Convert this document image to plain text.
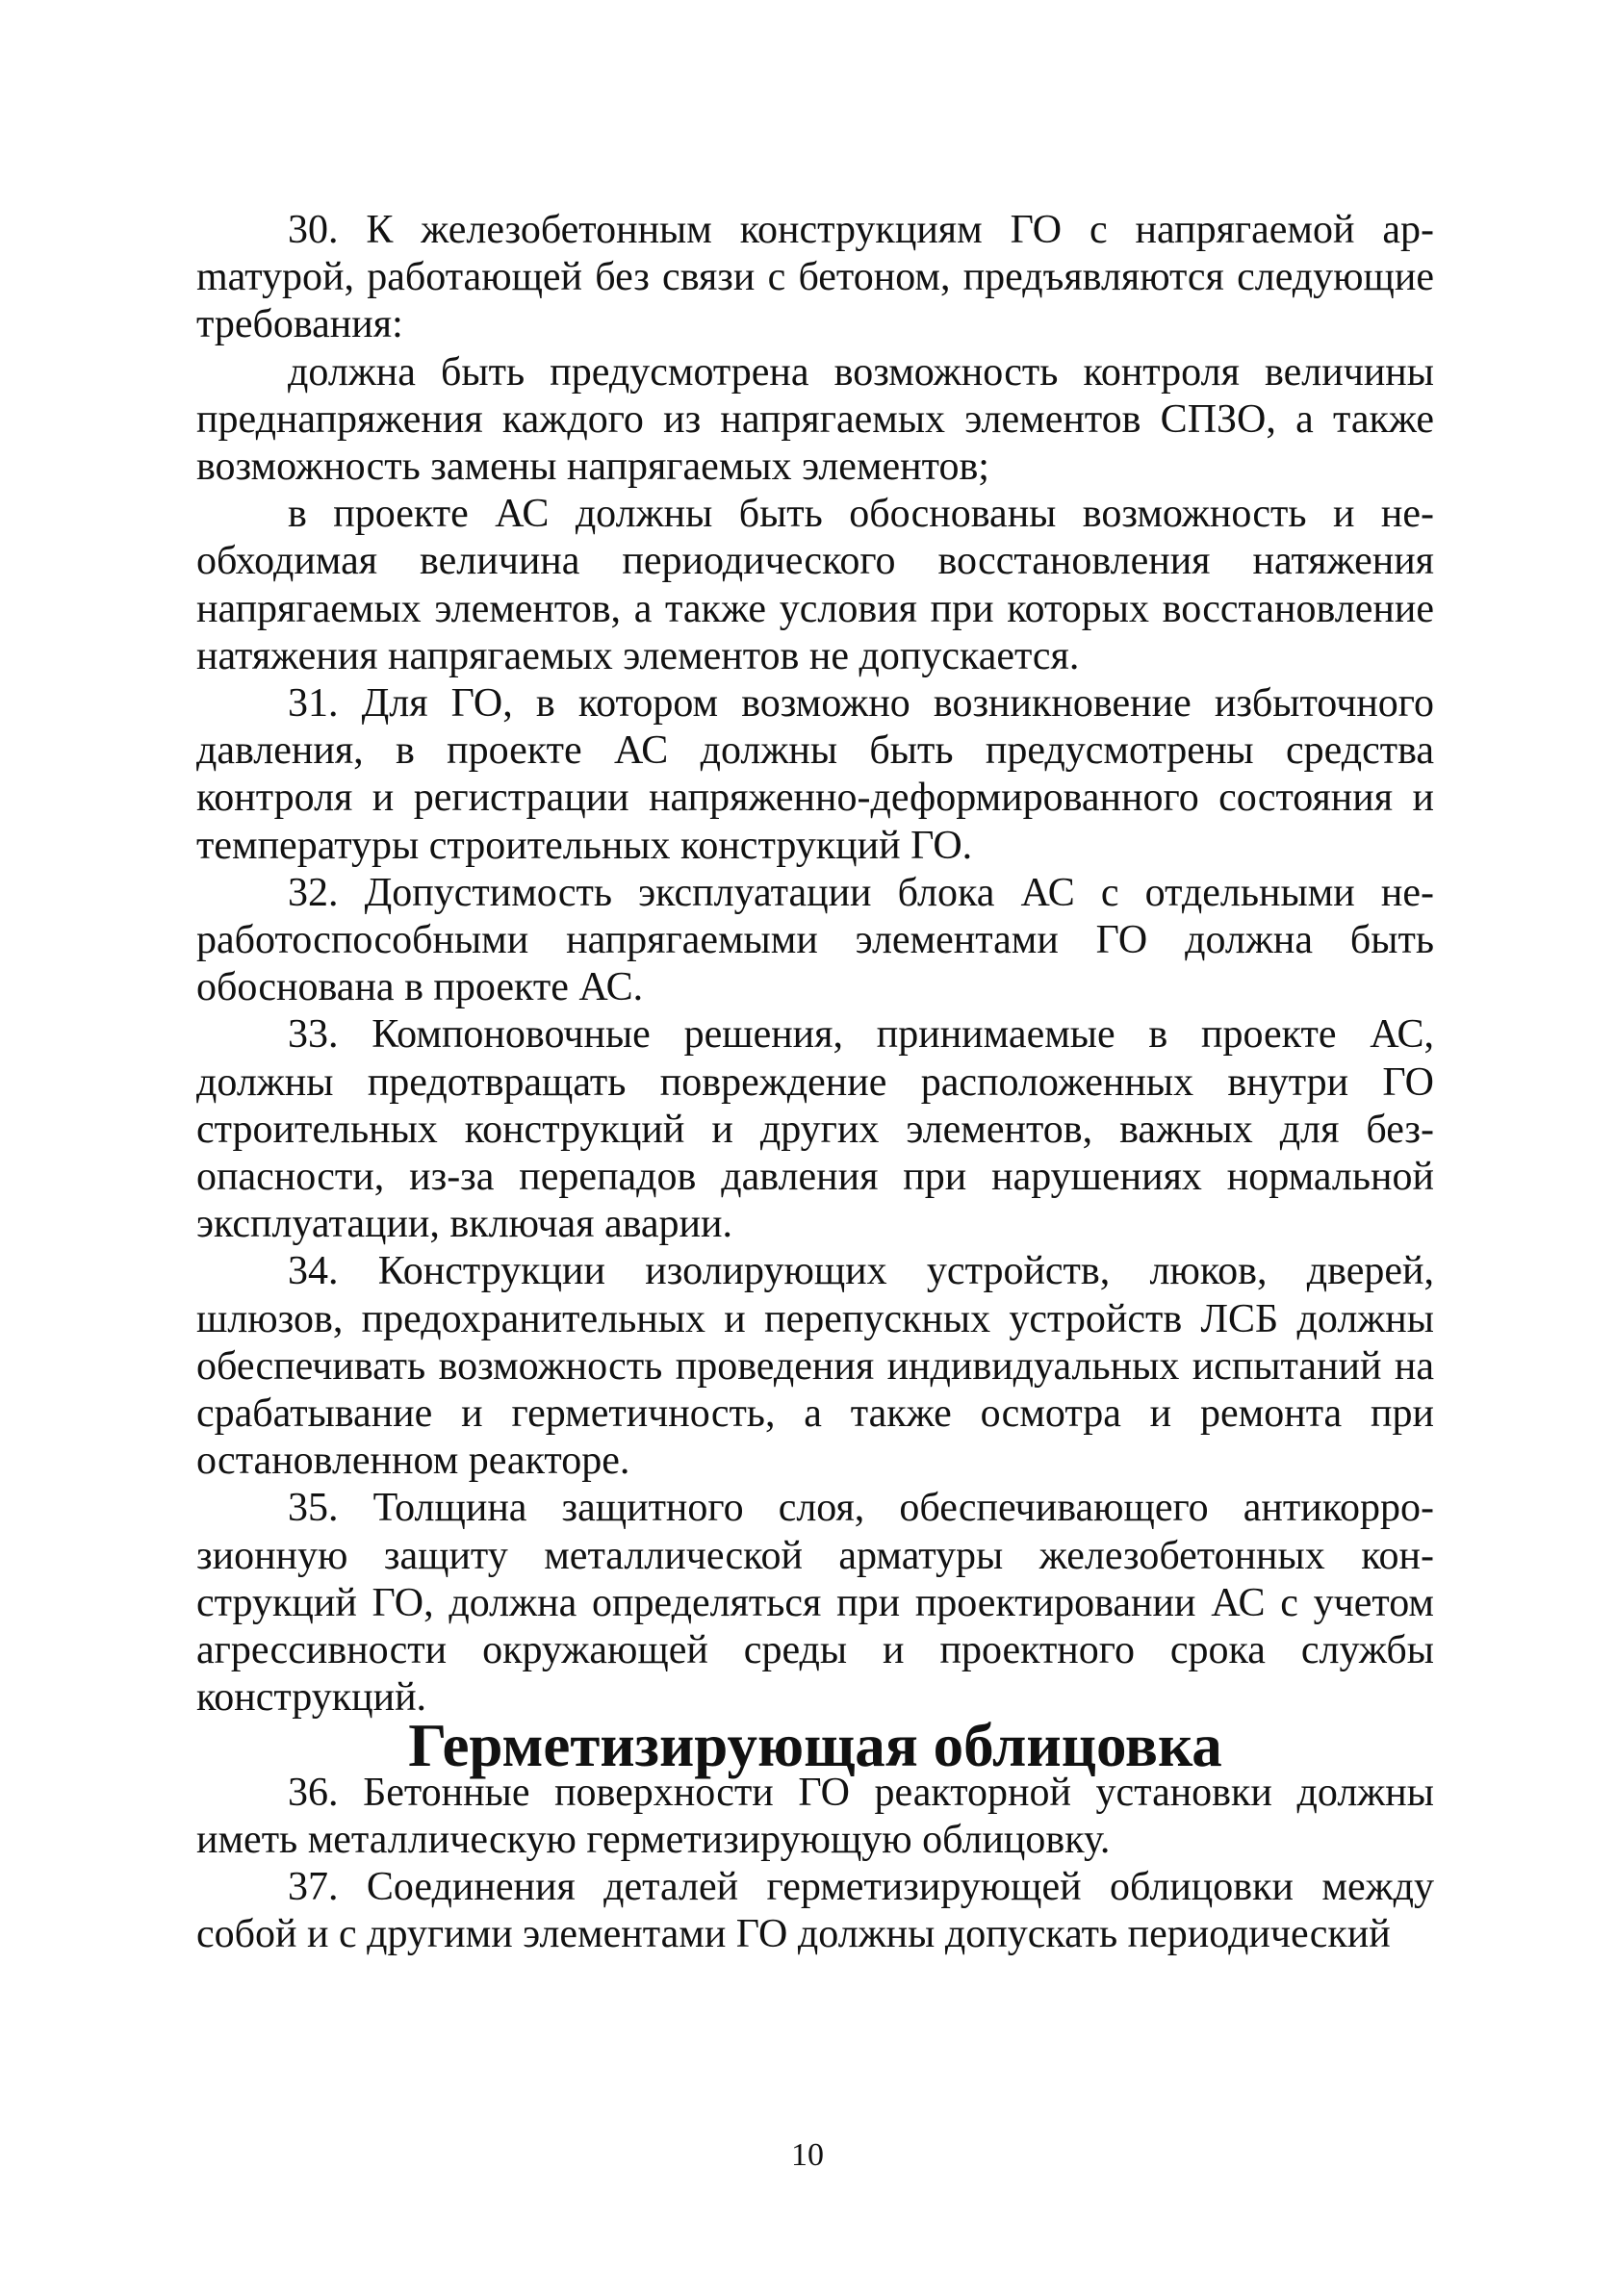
30. К железобетонным конструкциям ГО с напрягаемой арmатурой, работающей без связи с бетоном, предъявляются следующие требования:

должна быть предусмотрена возможность контроля величины преднапряжения каждого из напрягаемых элементов СПЗО, а также возможность замены напрягаемых элементов;

в проекте АС должны быть обоснованы возможность и необходимая величина периодического восстановления натяжения напрягаемых элементов, а также условия при которых восстановление натяжения напрягаемых элементов не допускается.

31. Для ГО, в котором возможно возникновение избыточного давления, в проекте АС должны быть предусмотрены средства контроля и регистрации напряженно-деформированного состояния и температуры строительных конструкций ГО.

32. Допустимость эксплуатации блока АС с отдельными неработоспособными напрягаемыми элементами ГО должна быть обоснована в проекте АС.

33. Компоновочные решения, принимаемые в проекте АС, должны предотвращать повреждение расположенных внутри ГО строительных конструкций и других элементов, важных для безопасности, из-за перепадов давления при нарушениях нормальной эксплуатации, включая аварии.

34. Конструкции изолирующих устройств, люков, дверей, шлюзов, предохранительных и перепускных устройств ЛСБ должны обеспечивать возможность проведения индивидуальных испытаний на срабатывание и герметичность, а также осмотра и ремонта при остановленном реакторе.

35. Толщина защитного слоя, обеспечивающего антикоррозионную защиту металлической арматуры железобетонных конструкций ГО, должна определяться при проектировании АС с учетом агрессивности окружающей среды и проектного срока службы конструкций.

Герметизирующая облицовка

36. Бетонные поверхности ГО реакторной установки должны иметь металлическую герметизирующую облицовку.

37. Соединения деталей герметизирующей облицовки между собой и с другими элементами ГО должны допускать периодический

10
